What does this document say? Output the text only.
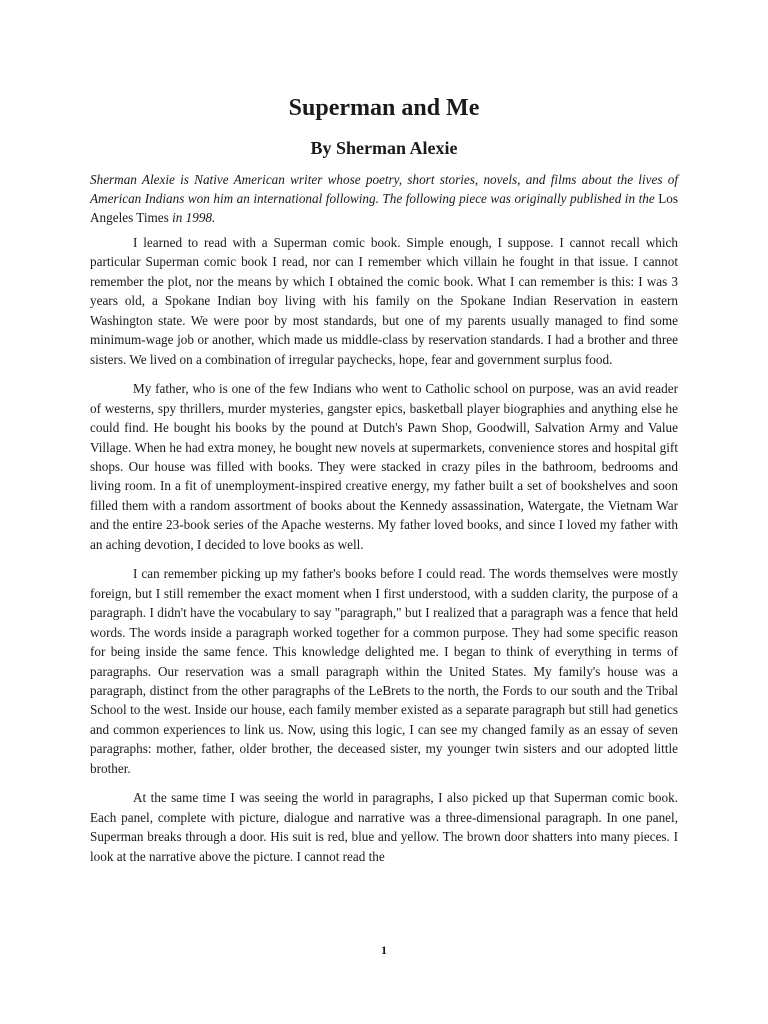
Superman and Me
By Sherman Alexie

Sherman Alexie is Native American writer whose poetry, short stories, novels, and films about the lives of American Indians won him an international following. The following piece was originally published in the Los Angeles Times in 1998.

I learned to read with a Superman comic book. Simple enough, I suppose. I cannot recall which particular Superman comic book I read, nor can I remember which villain he fought in that issue. I cannot remember the plot, nor the means by which I obtained the comic book. What I can remember is this: I was 3 years old, a Spokane Indian boy living with his family on the Spokane Indian Reservation in eastern Washington state. We were poor by most standards, but one of my parents usually managed to find some minimum-wage job or another, which made us middle-class by reservation standards. I had a brother and three sisters. We lived on a combination of irregular paychecks, hope, fear and government surplus food.

My father, who is one of the few Indians who went to Catholic school on purpose, was an avid reader of westerns, spy thrillers, murder mysteries, gangster epics, basketball player biographies and anything else he could find. He bought his books by the pound at Dutch's Pawn Shop, Goodwill, Salvation Army and Value Village. When he had extra money, he bought new novels at supermarkets, convenience stores and hospital gift shops. Our house was filled with books. They were stacked in crazy piles in the bathroom, bedrooms and living room. In a fit of unemployment-inspired creative energy, my father built a set of bookshelves and soon filled them with a random assortment of books about the Kennedy assassination, Watergate, the Vietnam War and the entire 23-book series of the Apache westerns. My father loved books, and since I loved my father with an aching devotion, I decided to love books as well.

I can remember picking up my father's books before I could read. The words themselves were mostly foreign, but I still remember the exact moment when I first understood, with a sudden clarity, the purpose of a paragraph. I didn't have the vocabulary to say "paragraph," but I realized that a paragraph was a fence that held words. The words inside a paragraph worked together for a common purpose. They had some specific reason for being inside the same fence. This knowledge delighted me. I began to think of everything in terms of paragraphs. Our reservation was a small paragraph within the United States. My family's house was a paragraph, distinct from the other paragraphs of the LeBrets to the north, the Fords to our south and the Tribal School to the west. Inside our house, each family member existed as a separate paragraph but still had genetics and common experiences to link us. Now, using this logic, I can see my changed family as an essay of seven paragraphs: mother, father, older brother, the deceased sister, my younger twin sisters and our adopted little brother.

At the same time I was seeing the world in paragraphs, I also picked up that Superman comic book. Each panel, complete with picture, dialogue and narrative was a three-dimensional paragraph. In one panel, Superman breaks through a door. His suit is red, blue and yellow. The brown door shatters into many pieces. I look at the narrative above the picture. I cannot read the

1
